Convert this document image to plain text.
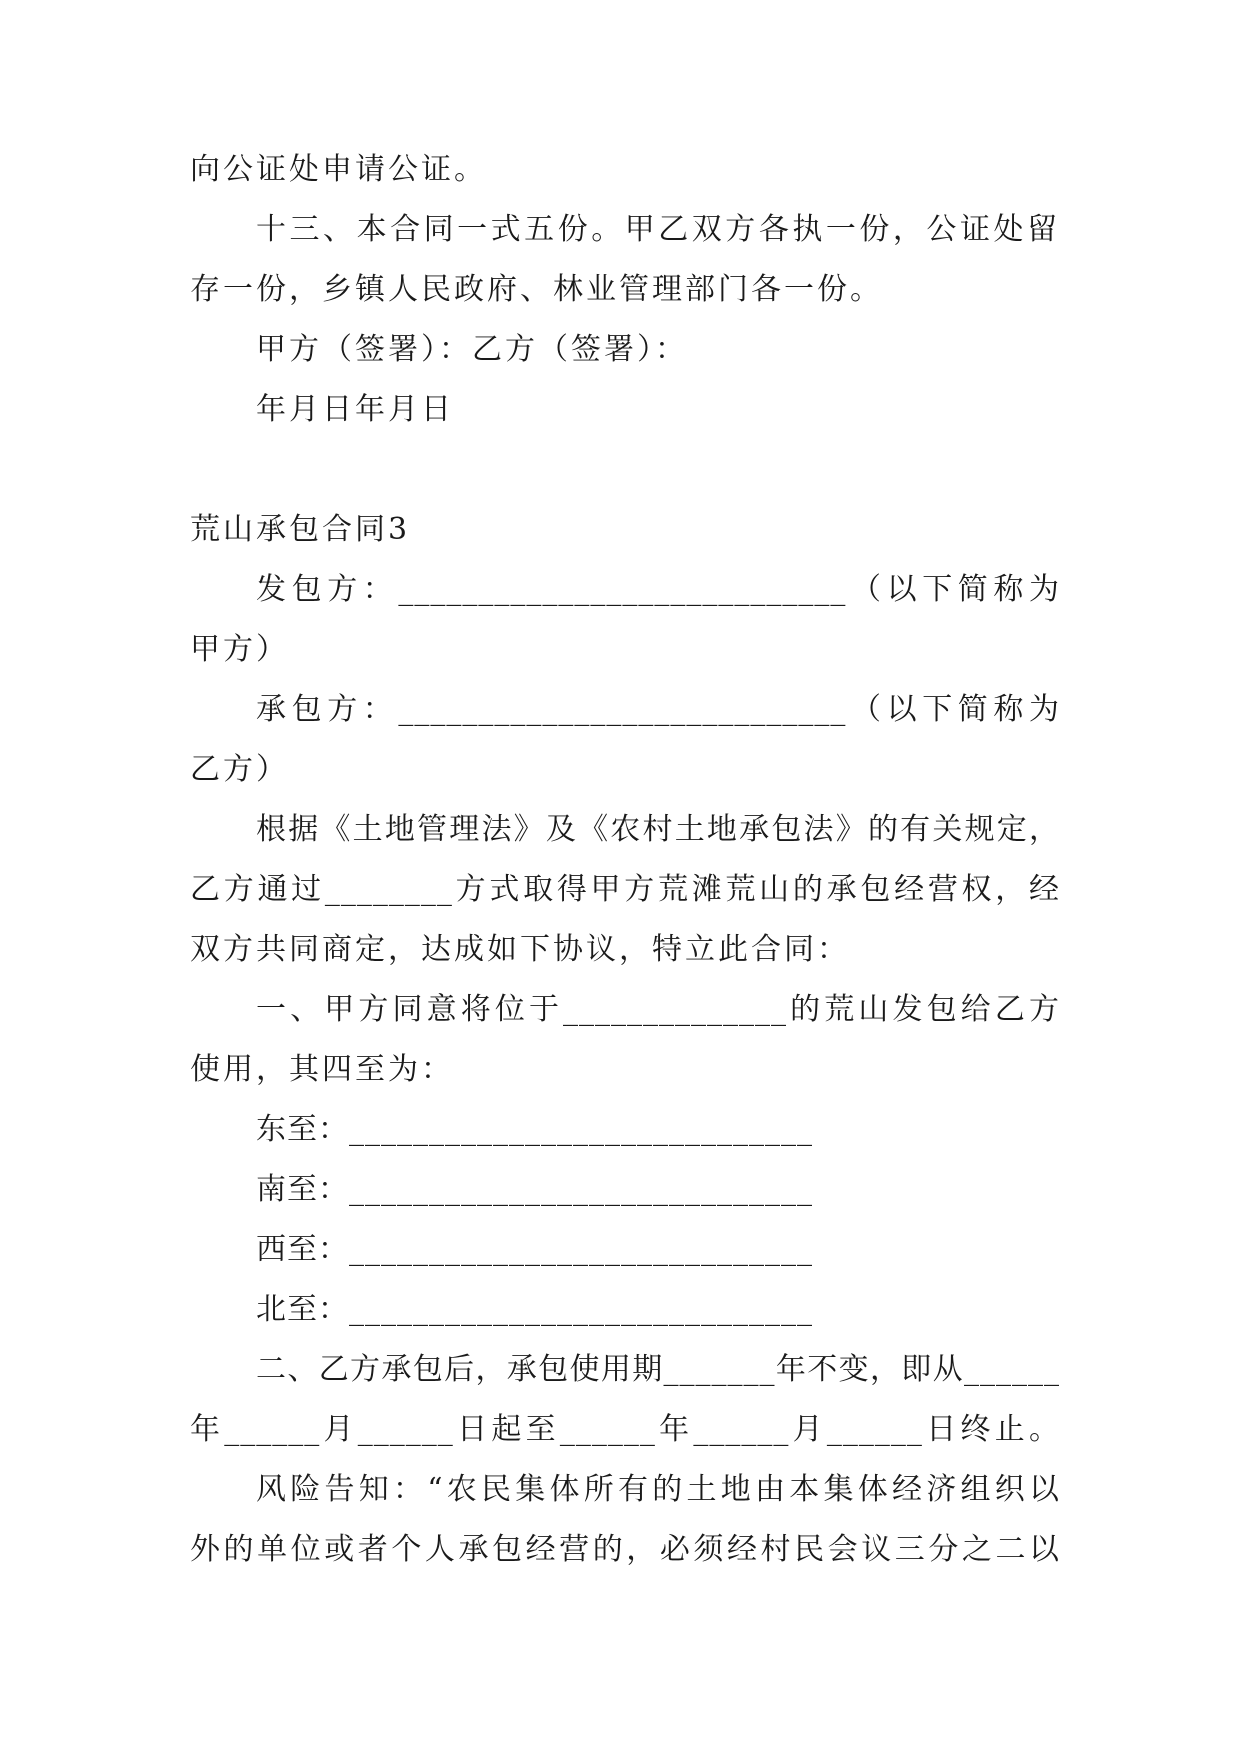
向公证处申请公证。
十三、本合同一式五份。甲乙双方各执一份，公证处留
存一份，乡镇人民政府、林业管理部门各一份。
甲方（签署）：乙方（签署）：
年月日年月日
荒山承包合同3
发包方：____________________________（以下简称为
甲方）
承包方：____________________________（以下简称为
乙方）
根据《土地管理法》及《农村土地承包法》的有关规定，
乙方通过________方式取得甲方荒滩荒山的承包经营权，经
双方共同商定，达成如下协议，特立此合同：
一、甲方同意将位于______________的荒山发包给乙方
使用，其四至为：
东至：_____________________________
南至：_____________________________
西至：_____________________________
北至：_____________________________
二、乙方承包后，承包使用期_______年不变，即从______
年______月______日起至______年______月______日终止。
风险告知：“农民集体所有的土地由本集体经济组织以
外的单位或者个人承包经营的，必须经村民会议三分之二以
